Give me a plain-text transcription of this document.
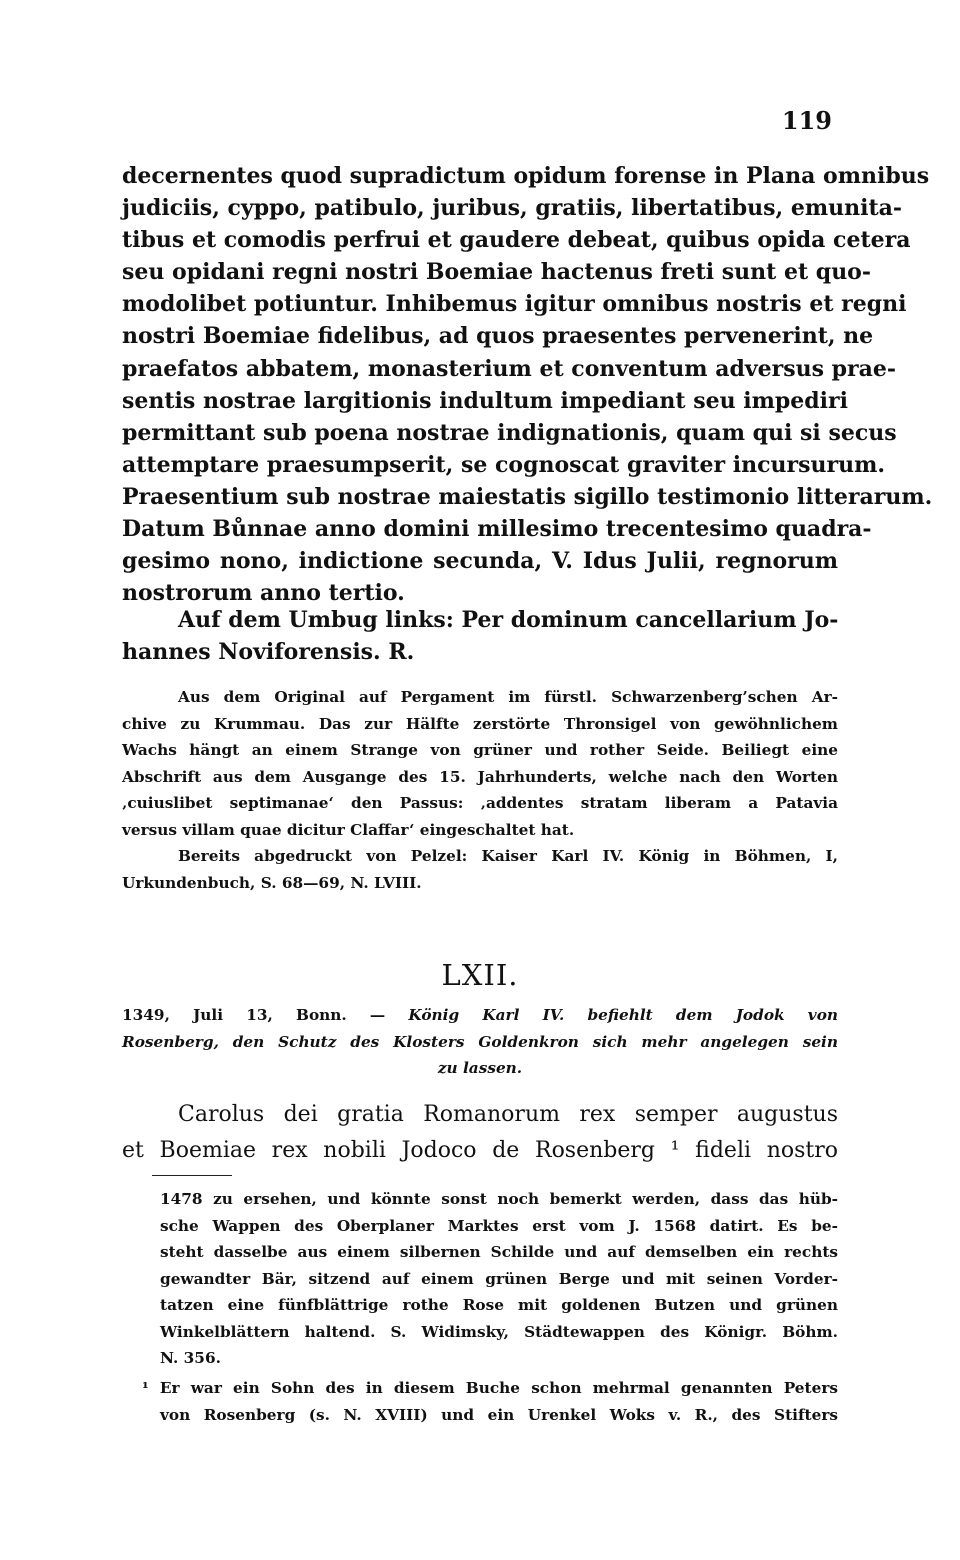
119
decernentes quod supradictum opidum forense in Plana omnibus
judiciis, cyppo, patibulo, juribus, gratiis, libertatibus, emunita-
tibus et comodis perfrui et gaudere debeat, quibus opida cetera
seu opidani regni nostri Boemiae hactenus freti sunt et quo-
modolibet potiuntur. Inhibemus igitur omnibus nostris et regni
nostri Boemiae fidelibus, ad quos praesentes pervenerint, ne
praefatos abbatem, monasterium et conventum adversus prae-
sentis nostrae largitionis indultum impediant seu impediri
permittant sub poena nostrae indignationis, quam qui si secus
attemptare praesumpserit, se cognoscat graviter incursurum.
Praesentium sub nostrae maiestatis sigillo testimonio litterarum.
Datum Bůnnae anno domini millesimo trecentesimo quadra-
gesimo nono, indictione secunda, V. Idus Julii, regnorum
nostrorum anno tertio.
Auf dem Umbug links: Per dominum cancellarium Jo-
hannes Noviforensis. R.
Aus dem Original auf Pergament im fürstl. Schwarzenberg’schen Ar-
chive zu Krummau. Das zur Hälfte zerstörte Thronsigel von gewöhnlichem
Wachs hängt an einem Strange von grüner und rother Seide. Beiliegt eine
Abschrift aus dem Ausgange des 15. Jahrhunderts, welche nach den Worten
‚cuiuslibet septimanae‘ den Passus: ‚addentes stratam liberam a Patavia
versus villam quae dicitur Claffar‘ eingeschaltet hat.
Bereits abgedruckt von Pelzel: Kaiser Karl IV. König in Böhmen, I,
Urkundenbuch, S. 68—69, N. LVIII.
LXII.
1349, Juli 13, Bonn. — König Karl IV. befiehlt dem Jodok von
Rosenberg, den Schutz des Klosters Goldenkron sich mehr angelegen sein
zu lassen.
Carolus dei gratia Romanorum rex semper augustus
et Boemiae rex nobili Jodoco de Rosenberg ¹ fideli nostro
1478 zu ersehen, und könnte sonst noch bemerkt werden, dass das hüb-
sche Wappen des Oberplaner Marktes erst vom J. 1568 datirt. Es be-
steht dasselbe aus einem silbernen Schilde und auf demselben ein rechts
gewandter Bär, sitzend auf einem grünen Berge und mit seinen Vorder-
tatzen eine fünfblättrige rothe Rose mit goldenen Butzen und grünen
Winkelblättern haltend. S. Widimsky, Städtewappen des Königr. Böhm.
N. 356.
¹ Er war ein Sohn des in diesem Buche schon mehrmal genannten Peters
von Rosenberg (s. N. XVIII) und ein Urenkel Woks v. R., des Stifters
